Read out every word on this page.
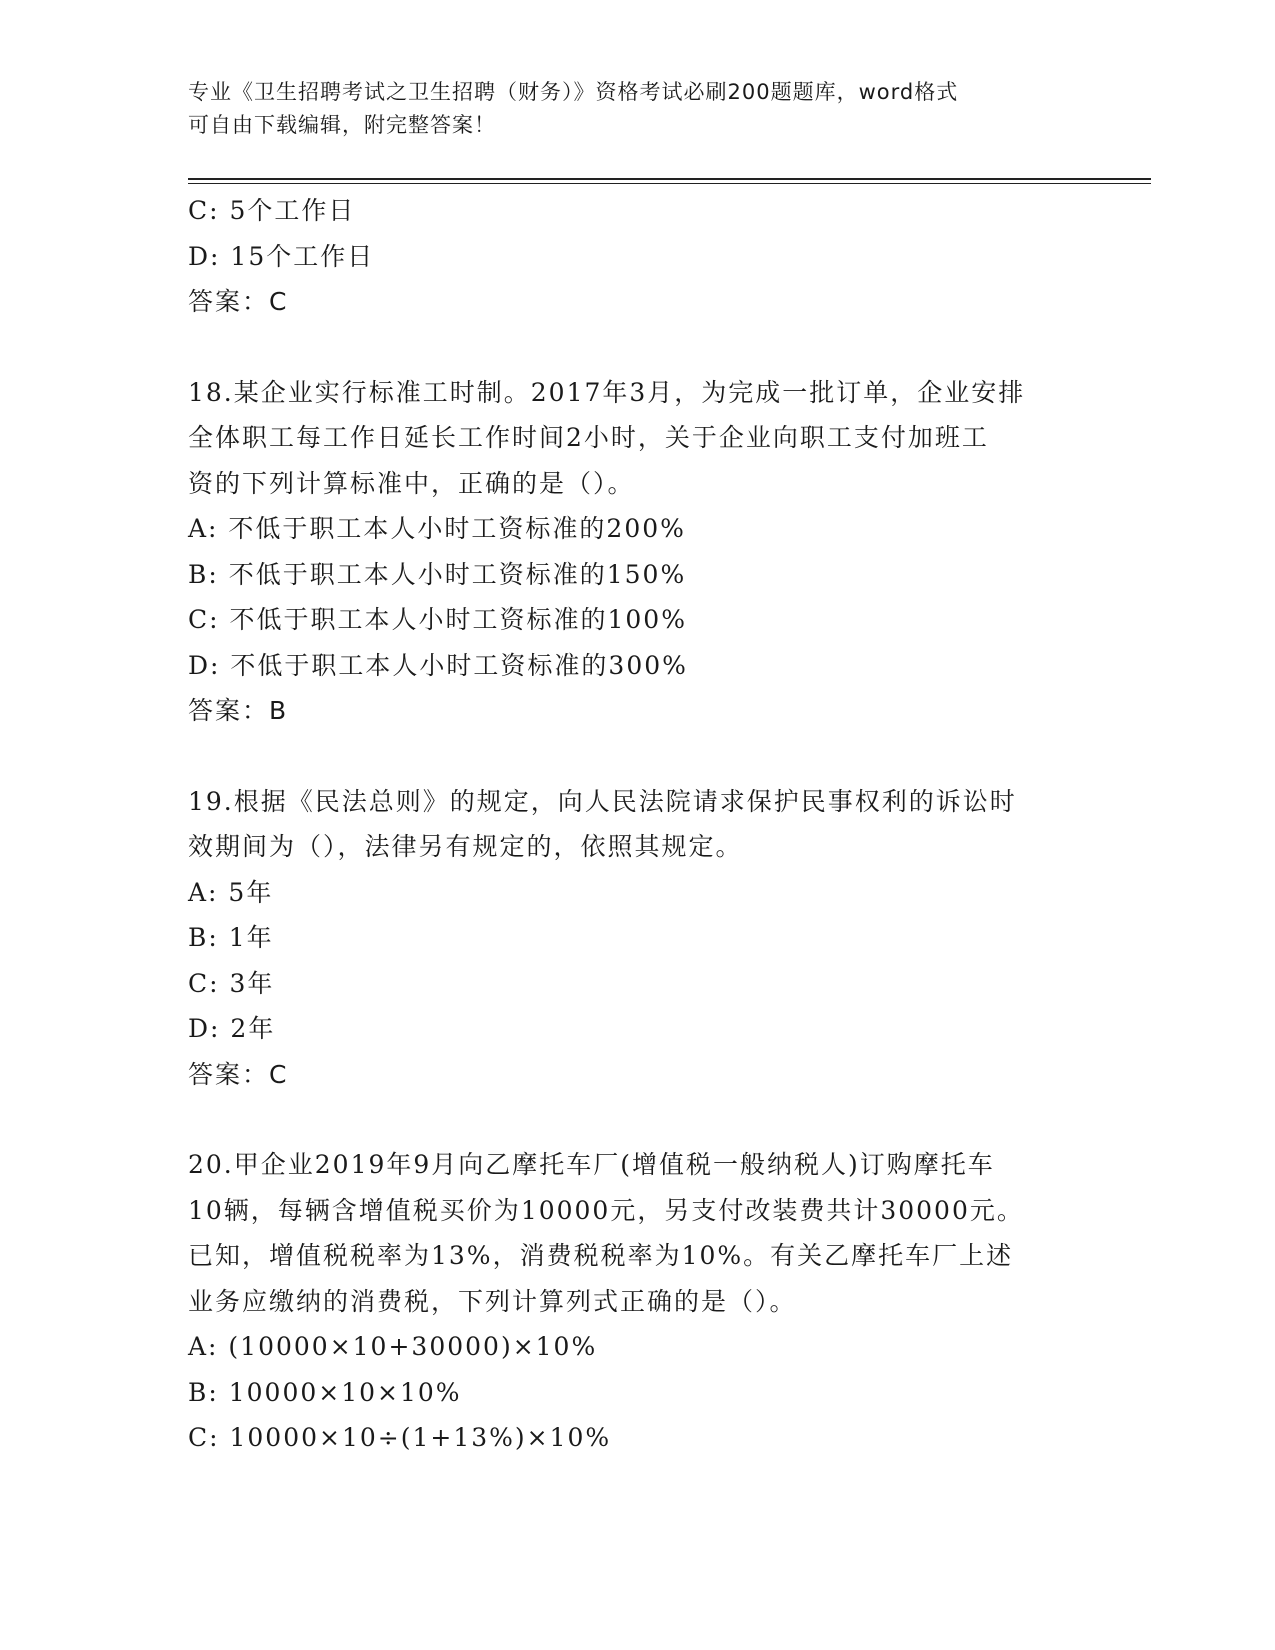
专业《卫生招聘考试之卫生招聘（财务）》资格考试必刷200题题库，word格式
可自由下载编辑，附完整答案！
C: 5个工作日
D: 15个工作日
答案：C
18.某企业实行标准工时制。2017年3月，为完成一批订单，企业安排
全体职工每工作日延长工作时间2小时，关于企业向职工支付加班工
资的下列计算标准中，正确的是（）。
A: 不低于职工本人小时工资标准的200%
B: 不低于职工本人小时工资标准的150%
C: 不低于职工本人小时工资标准的100%
D: 不低于职工本人小时工资标准的300%
答案：B
19.根据《民法总则》的规定，向人民法院请求保护民事权利的诉讼时
效期间为（），法律另有规定的，依照其规定。
A: 5年
B: 1年
C: 3年
D: 2年
答案：C
20.甲企业2019年9月向乙摩托车厂(增值税一般纳税人)订购摩托车
10辆，每辆含增值税买价为10000元，另支付改装费共计30000元。
已知，增值税税率为13%，消费税税率为10%。有关乙摩托车厂上述
业务应缴纳的消费税，下列计算列式正确的是（）。
A: (10000×10+30000)×10%
B: 10000×10×10%
C: 10000×10÷(1+13%)×10%
